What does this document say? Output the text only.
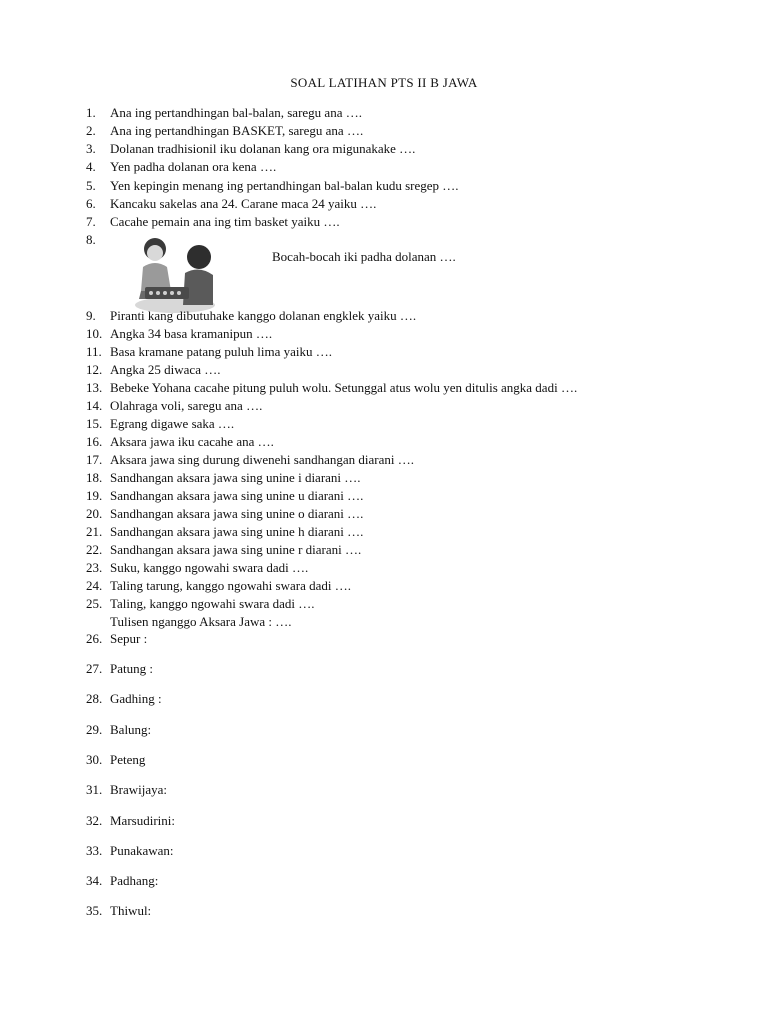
SOAL LATIHAN PTS II B JAWA
1.	Ana ing pertandhingan bal-balan, saregu ana ….
2.	Ana ing pertandhingan BASKET, saregu ana ….
3.	Dolanan tradhisionil iku dolanan kang ora migunakake ….
4.	Yen padha dolanan ora kena ….
5.	Yen kepingin menang ing pertandhingan bal-balan kudu sregep ….
6.	Kancaku sakelas ana 24. Carane maca 24 yaiku ….
7.	Cacahe pemain ana ing tim basket yaiku ….
8.
Bocah-bocah iki padha dolanan ….
9.	Piranti kang dibutuhake kanggo dolanan engklek yaiku ….
10. Angka 34 basa kramanipun ….
11. Basa kramane patang puluh lima yaiku ….
12. Angka 25 diwaca ….
13. Bebeke Yohana cacahe pitung puluh wolu. Setunggal atus wolu yen ditulis angka dadi ….
14. Olahraga voli, saregu ana ….
15. Egrang digawe saka ….
16. Aksara jawa iku cacahe ana ….
17. Aksara jawa sing durung diwenehi sandhangan diarani ….
18. Sandhangan aksara jawa sing unine i diarani ….
19. Sandhangan aksara jawa sing unine u diarani ….
20. Sandhangan aksara jawa sing unine o diarani ….
21. Sandhangan aksara jawa sing unine h diarani ….
22. Sandhangan aksara jawa sing unine r diarani ….
23. Suku, kanggo ngowahi swara dadi ….
24. Taling tarung, kanggo ngowahi swara dadi ….
25. Taling, kanggo ngowahi swara dadi ….
Tulisen nganggo Aksara Jawa : ….
26. Sepur :
27. Patung :
28. Gadhing :
29. Balung:
30. Peteng
31. Brawijaya:
32. Marsudirini:
33. Punakawan:
34. Padhang:
35. Thiwul:
